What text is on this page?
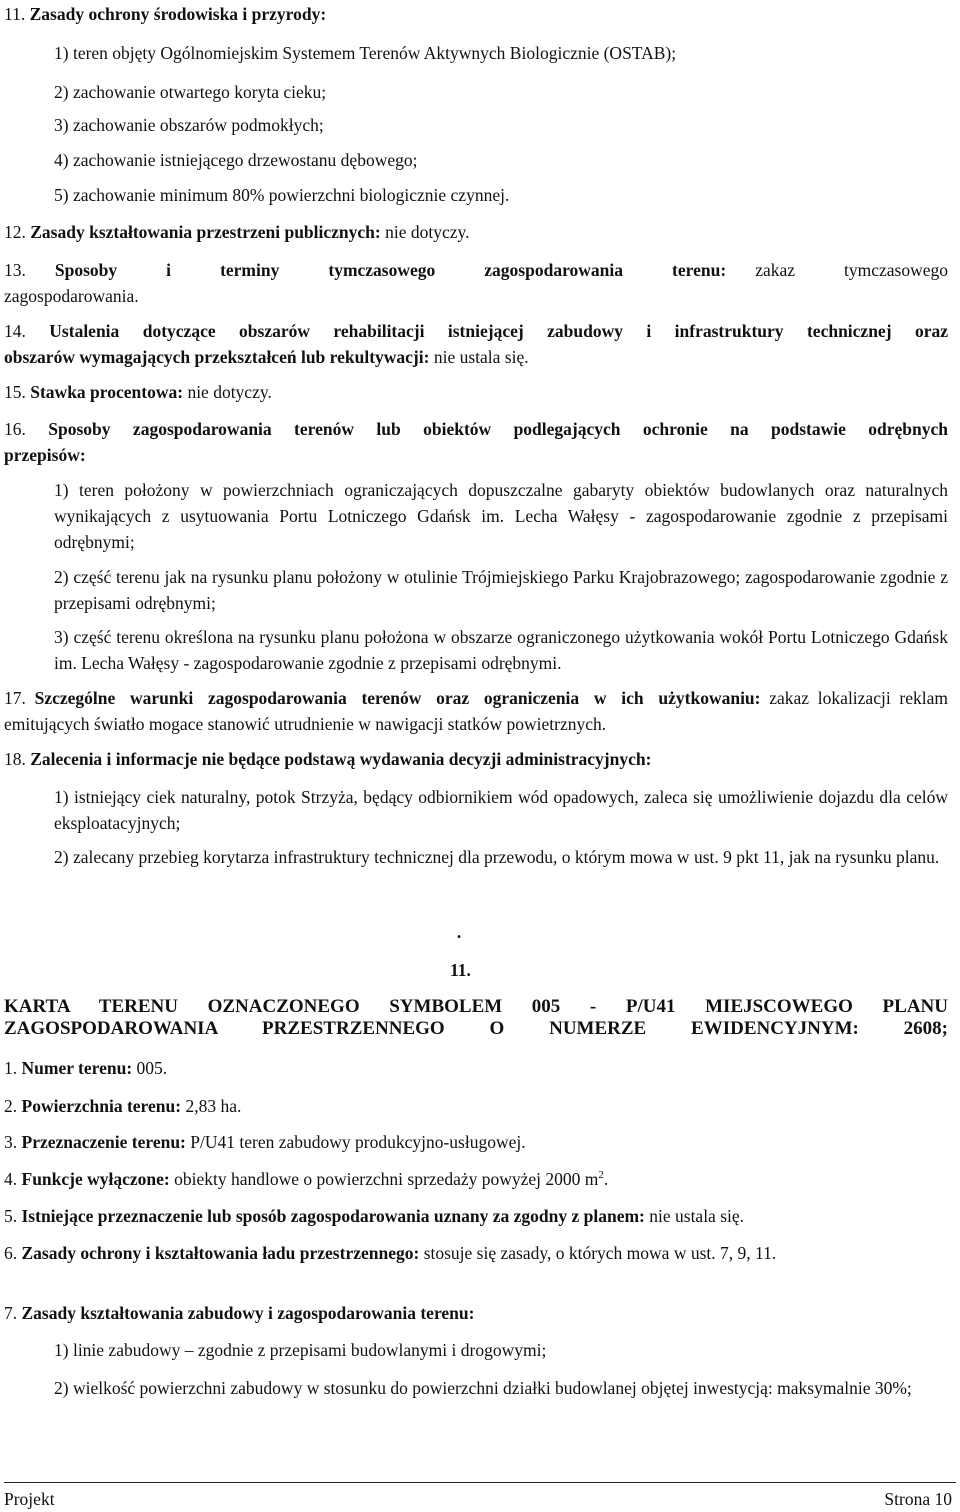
11. Zasady ochrony środowiska i przyrody:
1) teren objęty Ogólnomiejskim Systemem Terenów Aktywnych Biologicznie (OSTAB);
2) zachowanie otwartego koryta cieku;
3) zachowanie obszarów podmokłych;
4) zachowanie istniejącego drzewostanu dębowego;
5) zachowanie minimum 80% powierzchni biologicznie czynnej.
12. Zasady kształtowania przestrzeni publicznych: nie dotyczy.
13. Sposoby i terminy tymczasowego zagospodarowania terenu: zakaz tymczasowego
zagospodarowania.
14. Ustalenia dotyczące obszarów rehabilitacji istniejącej zabudowy i infrastruktury technicznej oraz
obszarów wymagających przekształceń lub rekultywacji: nie ustala się.
15. Stawka procentowa: nie dotyczy.
16. Sposoby zagospodarowania terenów lub obiektów podlegających ochronie na podstawie odrębnych
przepisów:
1) teren położony w powierzchniach ograniczających dopuszczalne gabaryty obiektów budowlanych oraz naturalnych wynikających z usytuowania Portu Lotniczego Gdańsk im. Lecha Wałęsy - zagospodarowanie zgodnie z przepisami odrębnymi;
2) część terenu jak na rysunku planu położony w otulinie Trójmiejskiego Parku Krajobrazowego; zagospodarowanie zgodnie z przepisami odrębnymi;
3) część terenu określona na rysunku planu położona w obszarze ograniczonego użytkowania wokół Portu Lotniczego Gdańsk im. Lecha Wałęsy - zagospodarowanie zgodnie z przepisami odrębnymi.
17. Szczególne warunki zagospodarowania terenów oraz ograniczenia w ich użytkowaniu: zakaz lokalizacji reklam emitujących światło mogace stanowić utrudnienie w nawigacji statków powietrznych.
18. Zalecenia i informacje nie będące podstawą wydawania decyzji administracyjnych:
1) istniejący ciek naturalny, potok Strzyża, będący odbiornikiem wód opadowych, zaleca się umożliwienie dojazdu dla celów eksploatacyjnych;
2) zalecany przebieg korytarza infrastruktury technicznej dla przewodu, o którym mowa w ust. 9 pkt 11, jak na rysunku planu.
.
11.
KARTA TERENU OZNACZONEGO SYMBOLEM 005 - P/U41 MIEJSCOWEGO PLANU ZAGOSPODAROWANIA PRZESTRZENNEGO O NUMERZE EWIDENCYJNYM: 2608;
1. Numer terenu: 005.
2. Powierzchnia terenu: 2,83 ha.
3. Przeznaczenie terenu: P/U41 teren zabudowy produkcyjno-usługowej.
4. Funkcje wyłączone: obiekty handlowe o powierzchni sprzedaży powyżej 2000 $m^2$.
5. Istniejące przeznaczenie lub sposób zagospodarowania uznany za zgodny z planem: nie ustala się.
6. Zasady ochrony i kształtowania ładu przestrzennego: stosuje się zasady, o których mowa w ust. 7, 9, 11.
7. Zasady kształtowania zabudowy i zagospodarowania terenu:
1) linie zabudowy – zgodnie z przepisami budowlanymi i drogowymi;
2) wielkość powierzchni zabudowy w stosunku do powierzchni działki budowlanej objętej inwestycją: maksymalnie 30%;
Projekt	Strona 10
